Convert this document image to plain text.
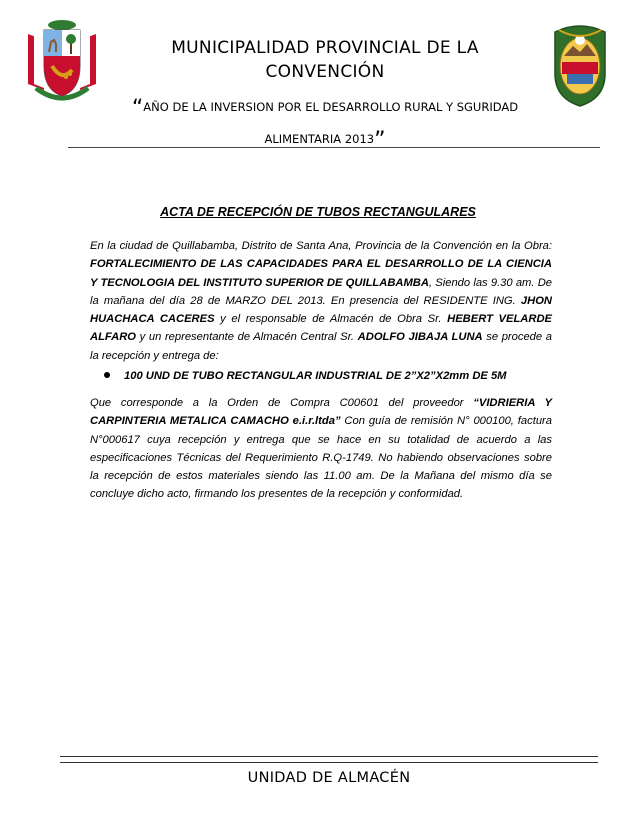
MUNICIPALIDAD PROVINCIAL DE LA
CONVENCIÓN
“AÑO DE LA INVERSION POR EL DESARROLLO RURAL Y SGURIDAD
ALIMENTARIA 2013”
ACTA DE RECEPCIÓN DE TUBOS RECTANGULARES
En la ciudad de Quillabamba, Distrito de Santa Ana, Provincia de la Convención en la Obra: FORTALECIMIENTO DE LAS CAPACIDADES PARA EL DESARROLLO DE LA CIENCIA Y TECNOLOGIA DEL INSTITUTO SUPERIOR DE QUILLABAMBA, Siendo las 9.30 am. De la mañana del día 28 de MARZO DEL 2013. En presencia del RESIDENTE ING. JHON HUACHACA CACERES y el responsable de Almacén de Obra Sr. HEBERT VELARDE ALFARO y un representante de Almacén Central Sr. ADOLFO JIBAJA LUNA se procede a la recepción y entrega de:
100 UND DE TUBO RECTANGULAR INDUSTRIAL DE 2”X2”X2mm DE 5M
Que corresponde a la Orden de Compra C00601 del proveedor “VIDRIERIA Y CARPINTERIA METALICA CAMACHO e.i.r.ltda” Con guía de remisión N° 000100, factura N°000617 cuya recepción y entrega que se hace en su totalidad de acuerdo a las especificaciones Técnicas del Requerimiento R.Q-1749. No habiendo observaciones sobre la recepción de estos materiales siendo las 11.00 am. De la Mañana del mismo día se concluye dicho acto, firmando los presentes de la recepción y conformidad.
UNIDAD DE ALMACÉN
